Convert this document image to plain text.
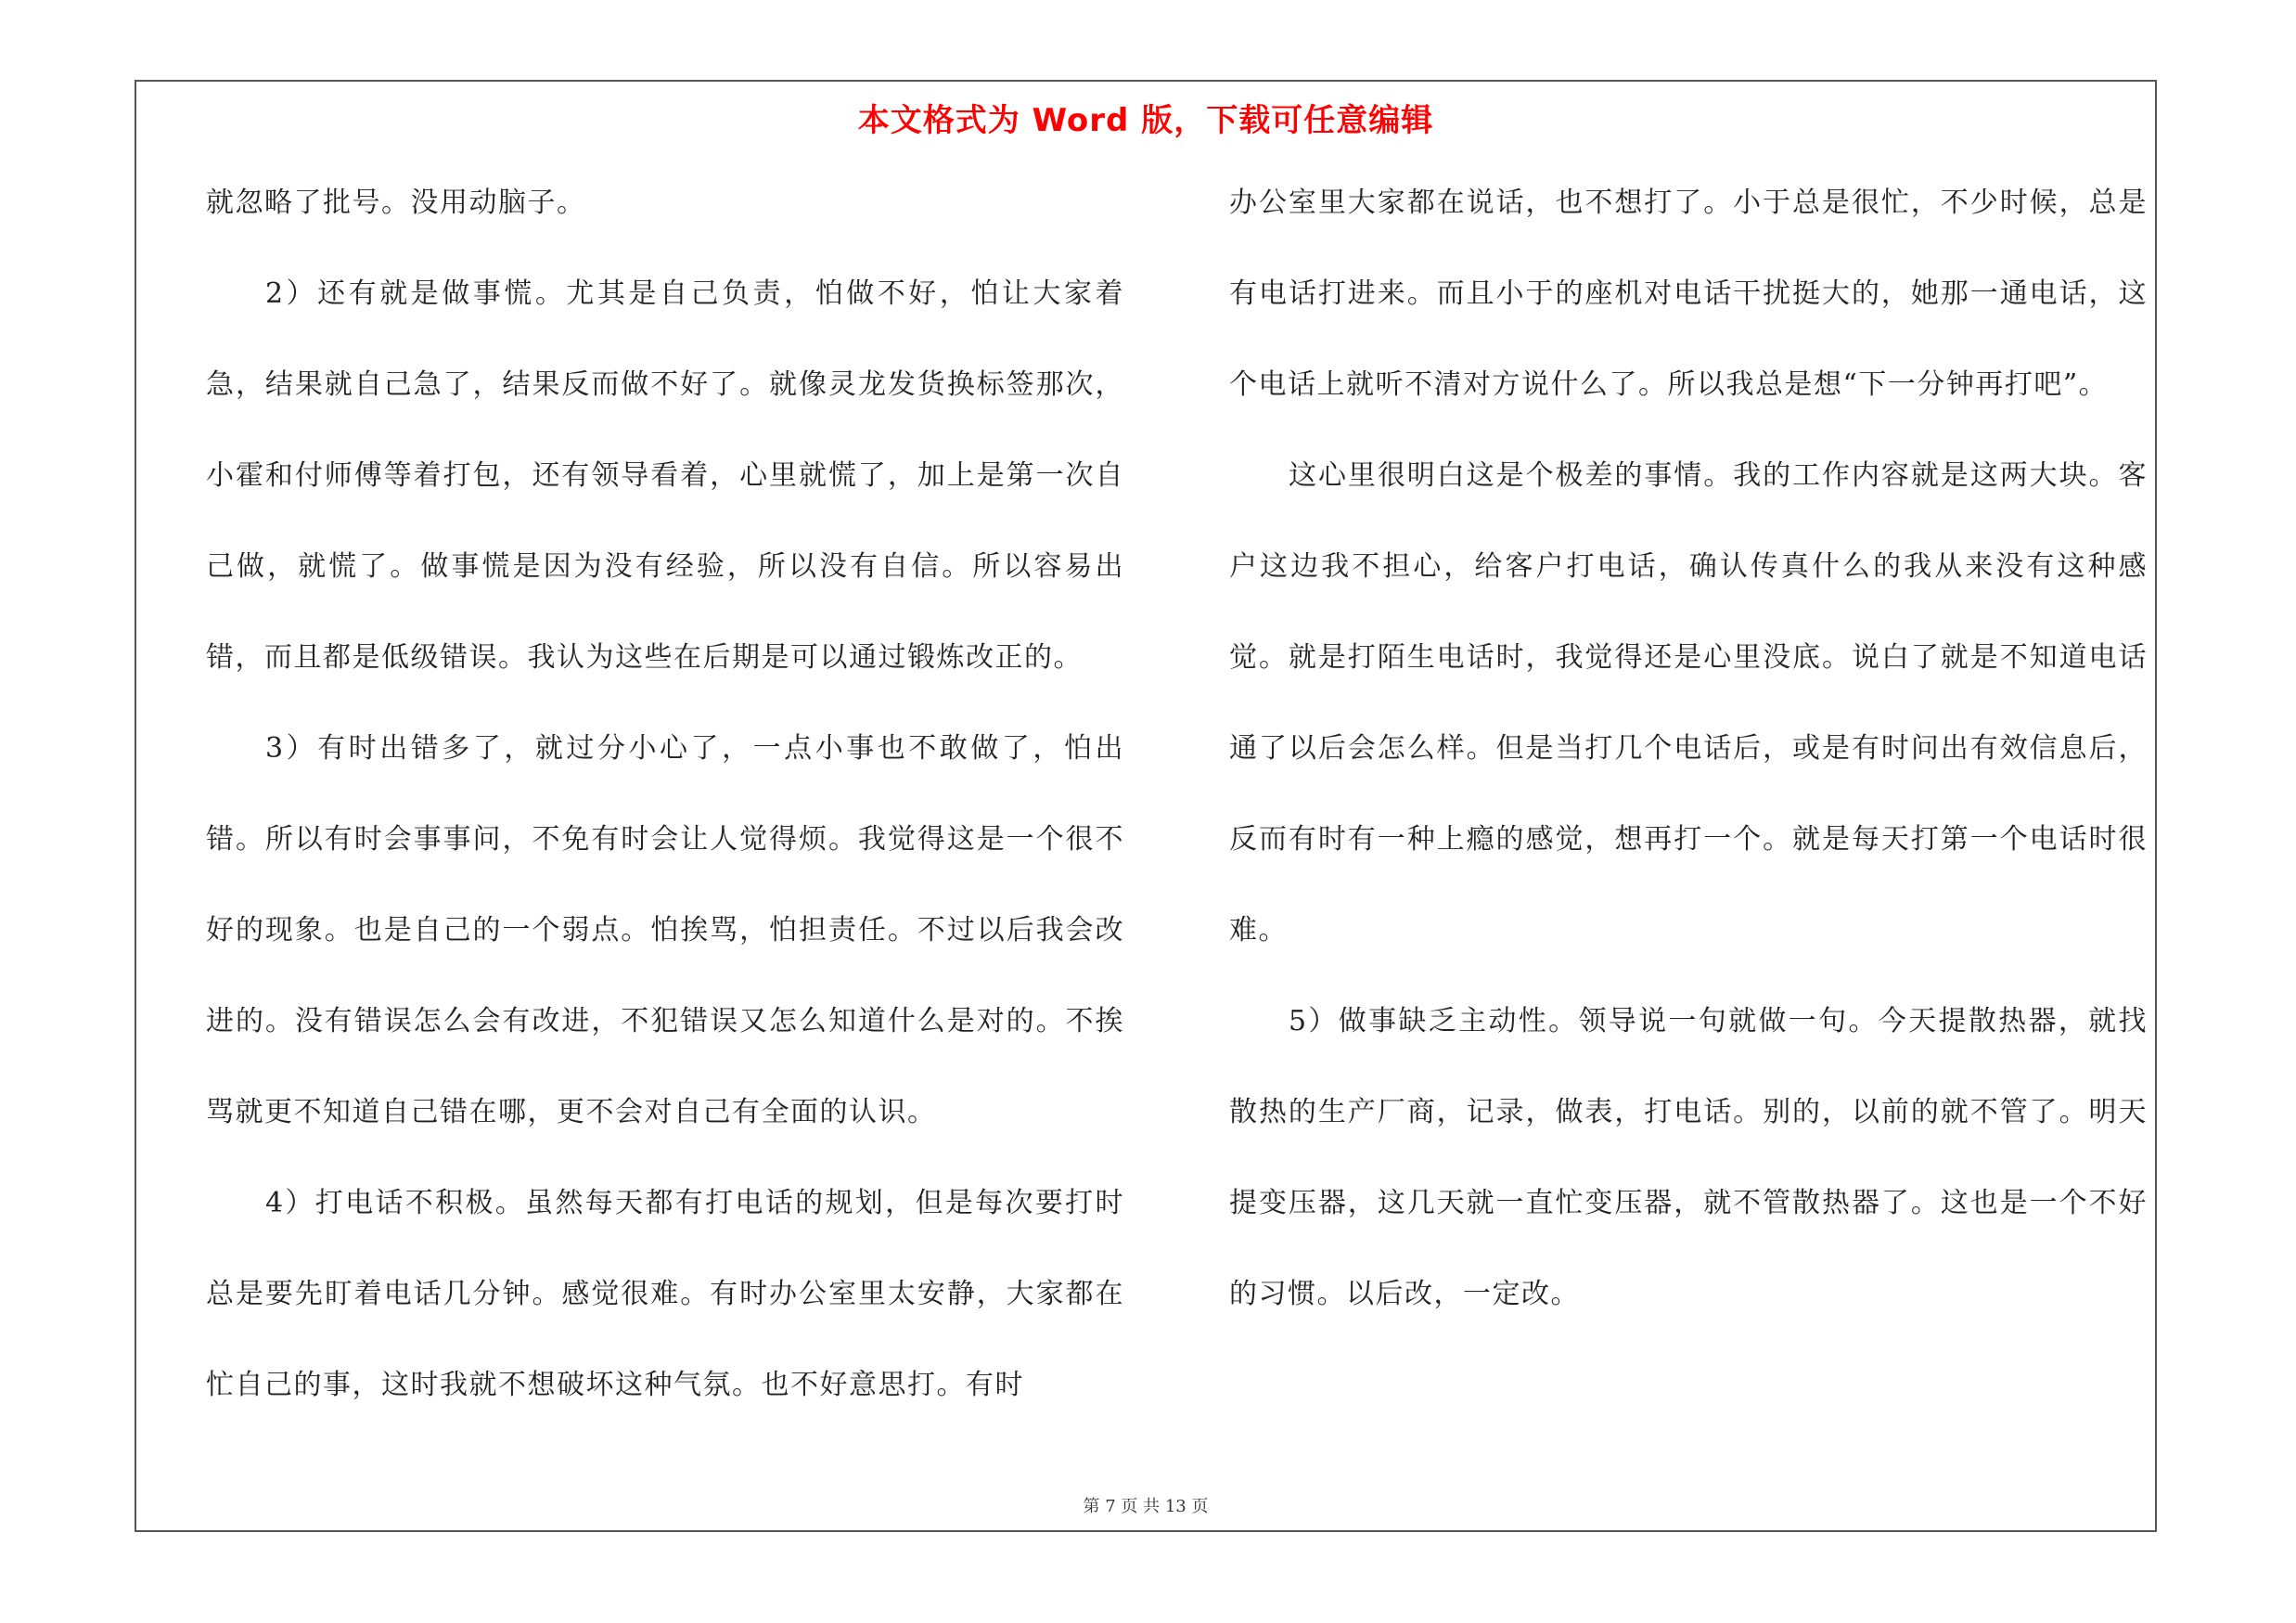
本文格式为 Word 版，下载可任意编辑

就忽略了批号。没用动脑子。

2）还有就是做事慌。尤其是自己负责，怕做不好，怕让大家着急，结果就自己急了，结果反而做不好了。就像灵龙发货换标签那次，小霍和付师傅等着打包，还有领导看着，心里就慌了，加上是第一次自己做，就慌了。做事慌是因为没有经验，所以没有自信。所以容易出错，而且都是低级错误。我认为这些在后期是可以通过锻炼改正的。

3）有时出错多了，就过分小心了，一点小事也不敢做了，怕出错。所以有时会事事问，不免有时会让人觉得烦。我觉得这是一个很不好的现象。也是自己的一个弱点。怕挨骂，怕担责任。不过以后我会改进的。没有错误怎么会有改进，不犯错误又怎么知道什么是对的。不挨骂就更不知道自己错在哪，更不会对自己有全面的认识。

4）打电话不积极。虽然每天都有打电话的规划，但是每次要打时总是要先盯着电话几分钟。感觉很难。有时办公室里太安静，大家都在忙自己的事，这时我就不想破坏这种气氛。也不好意思打。有时

办公室里大家都在说话，也不想打了。小于总是很忙，不少时候，总是有电话打进来。而且小于的座机对电话干扰挺大的，她那一通电话，这个电话上就听不清对方说什么了。所以我总是想“下一分钟再打吧”。

这心里很明白这是个极差的事情。我的工作内容就是这两大块。客户这边我不担心，给客户打电话，确认传真什么的我从来没有这种感觉。就是打陌生电话时，我觉得还是心里没底。说白了就是不知道电话通了以后会怎么样。但是当打几个电话后，或是有时问出有效信息后，反而有时有一种上瘾的感觉，想再打一个。就是每天打第一个电话时很难。

5）做事缺乏主动性。领导说一句就做一句。今天提散热器，就找散热的生产厂商，记录，做表，打电话。别的，以前的就不管了。明天提变压器，这几天就一直忙变压器，就不管散热器了。这也是一个不好的习惯。以后改，一定改。

第 7 页 共 13 页
